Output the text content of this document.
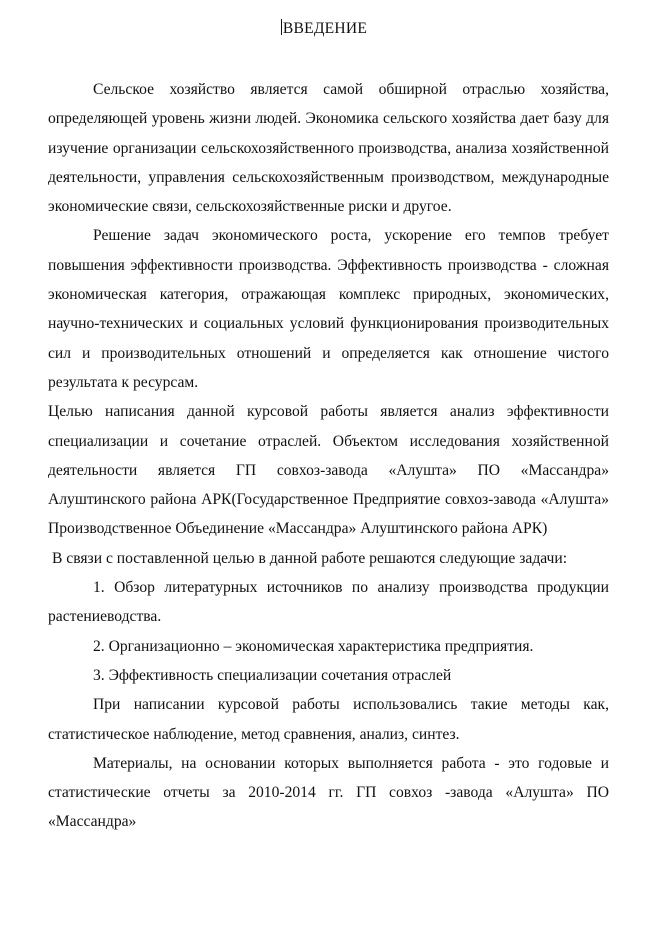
ВВЕДЕНИЕ

Сельское хозяйство является самой обширной отраслью хозяйства, определяющей уровень жизни людей. Экономика сельского хозяйства дает базу для изучение организации сельскохозяйственного производства, анализа хозяйственной деятельности, управления сельскохозяйственным производством, международные экономические связи, сельскохозяйственные риски и другое.

Решение задач экономического роста, ускорение его темпов требует повышения эффективности производства. Эффективность производства - сложная экономическая категория, отражающая комплекс природных, экономических, научно-технических и социальных условий функционирования производительных сил и производительных отношений и определяется как отношение чистого результата к ресурсам.

Целью написания данной курсовой работы является анализ эффективности специализации и сочетание отраслей. Объектом исследования хозяйственной деятельности является ГП совхоз-завода «Алушта» ПО «Массандра» Алуштинского района АРК(Государственное Предприятие совхоз-завода «Алушта» Производственное Объединение «Массандра» Алуштинского района АРК)

В связи с поставленной целью в данной работе решаются следующие задачи:

1. Обзор литературных источников по анализу производства продукции растениеводства.

2. Организационно – экономическая характеристика предприятия.

3. Эффективность специализации сочетания отраслей

При написании курсовой работы использовались такие методы как, статистическое наблюдение, метод сравнения, анализ, синтез.

Материалы, на основании которых выполняется работа - это годовые и статистические отчеты за 2010-2014 гг. ГП совхоз -завода «Алушта» ПО «Массандра»
